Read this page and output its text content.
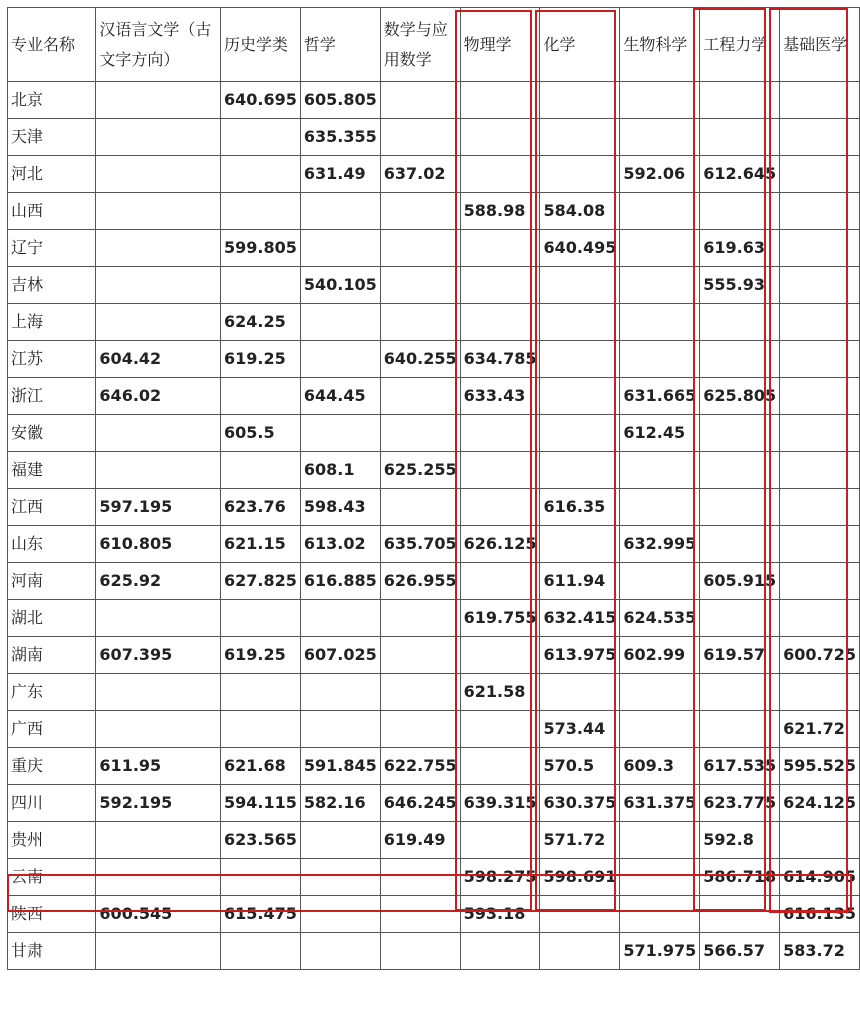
专业名称	汉语言文学（古文字方向）	历史学类	哲学	数学与应用数学	物理学	化学	生物科学	工程力学	基础医学
北京		640.695	605.805						
天津			635.355						
河北			631.49	637.02			592.06	612.645	
山西					588.98	584.08			
辽宁		599.805				640.495		619.63	
吉林			540.105					555.93	
上海		624.25							
江苏	604.42	619.25		640.255	634.785				
浙江	646.02		644.45		633.43		631.665	625.805	
安徽		605.5					612.45		
福建			608.1	625.255					
江西	597.195	623.76	598.43			616.35			
山东	610.805	621.15	613.02	635.705	626.125		632.995		
河南	625.92	627.825	616.885	626.955		611.94		605.915	
湖北					619.755	632.415	624.535		
湖南	607.395	619.25	607.025			613.975	602.99	619.57	600.725
广东					621.58				
广西						573.44			621.72
重庆	611.95	621.68	591.845	622.755		570.5	609.3	617.535	595.525
四川	592.195	594.115	582.16	646.245	639.315	630.375	631.375	623.775	624.125
贵州		623.565		619.49		571.72		592.8	
云南					598.275	598.691		586.718	614.905
陕西	600.545	615.475			593.18				616.135
甘肃							571.975	566.57	583.72
